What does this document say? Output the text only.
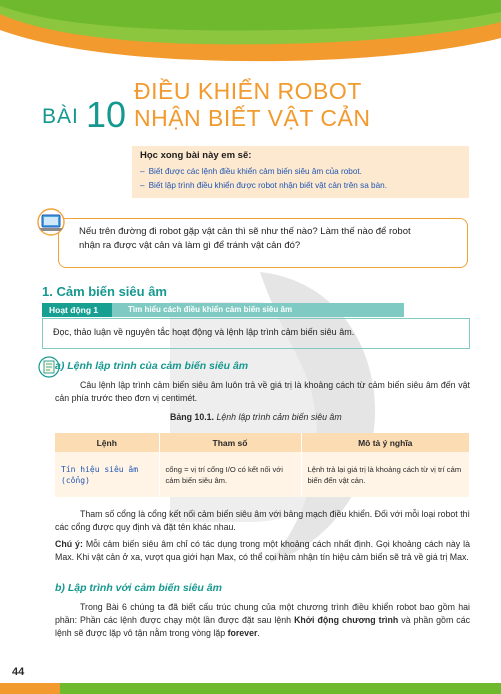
BÀI 10
ĐIỀU KHIỂN ROBOT
NHẬN BIẾT VẬT CẢN
Học xong bài này em sẽ:
– Biết được các lệnh điều khiển cảm biến siêu âm của robot.
– Biết lập trình điều khiển được robot nhận biết vật cản trên sa bàn.
Nếu trên đường đi robot gặp vật cản thì sẽ như thế nào? Làm thế nào để robot
nhận ra được vật cản và làm gì để tránh vật cản đó?
1. Cảm biến siêu âm
Hoạt động 1	Tìm hiểu cách điều khiển cảm biến siêu âm
Đọc, thảo luận về nguyên tắc hoạt động và lệnh lập trình cảm biến siêu âm.
a) Lệnh lập trình của cảm biến siêu âm
Câu lệnh lập trình cảm biến siêu âm luôn trả về giá trị là khoảng cách từ cảm biến siêu âm đến vật cản phía trước theo đơn vị centimét.
Bảng 10.1. Lệnh lập trình cảm biến siêu âm
Lệnh	Tham số	Mô tả ý nghĩa
Tín hiệu siêu âm (cổng)	cổng = vị trí cổng I/O có kết nối với cảm biến siêu âm.	Lệnh trả lại giá trị là khoảng cách từ vị trí cảm biến đến vật cản.
Tham số cổng là cổng kết nối cảm biến siêu âm với bảng mạch điều khiển. Đối với mỗi loại robot thì các cổng được quy định và đặt tên khác nhau.
Chú ý: Mỗi cảm biến siêu âm chỉ có tác dụng trong một khoảng cách nhất định. Gọi khoảng cách này là Max. Khi vật cản ở xa, vượt qua giới hạn Max, có thể coi hàm nhận tín hiệu cảm biến sẽ trả về giá trị Max.
b) Lập trình với cảm biến siêu âm
Trong Bài 6 chúng ta đã biết cấu trúc chung của một chương trình điều khiển robot bao gồm hai phần: Phần các lệnh được chạy một lần được đặt sau lệnh Khởi động chương trình và phần gồm các lệnh sẽ được lặp vô tận nằm trong vòng lặp forever.
44
